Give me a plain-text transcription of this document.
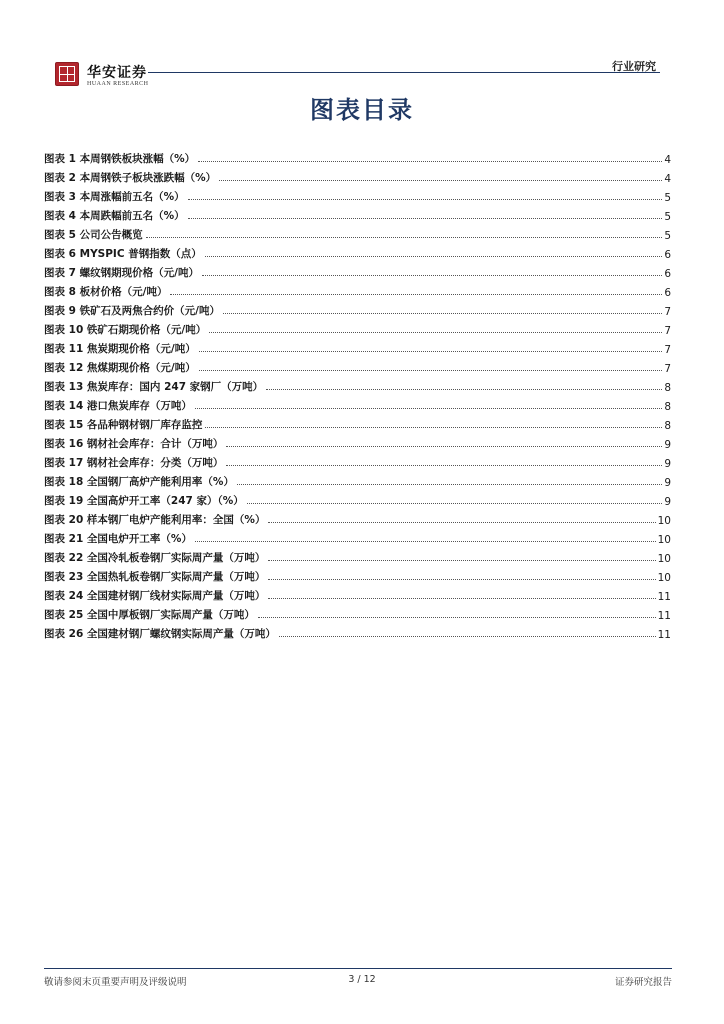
华安证券
HUAAN RESEARCH
行业研究
图表目录
图表 1 本周钢铁板块涨幅（%）	4
图表 2 本周钢铁子板块涨跌幅（%）	4
图表 3 本周涨幅前五名（%）	5
图表 4 本周跌幅前五名（%）	5
图表 5 公司公告概览	5
图表 6 MYSPIC 普钢指数（点）	6
图表 7 螺纹钢期现价格（元/吨）	6
图表 8 板材价格（元/吨）	6
图表 9 铁矿石及两焦合约价（元/吨）	7
图表 10 铁矿石期现价格（元/吨）	7
图表 11 焦炭期现价格（元/吨）	7
图表 12 焦煤期现价格（元/吨）	7
图表 13 焦炭库存：国内 247 家钢厂（万吨）	8
图表 14 港口焦炭库存（万吨）	8
图表 15 各品种钢材钢厂库存监控	8
图表 16 钢材社会库存：合计（万吨）	9
图表 17 钢材社会库存：分类（万吨）	9
图表 18 全国钢厂高炉产能利用率（%）	9
图表 19 全国高炉开工率（247 家）（%）	9
图表 20 样本钢厂电炉产能利用率：全国（%）	10
图表 21 全国电炉开工率（%）	10
图表 22 全国冷轧板卷钢厂实际周产量（万吨）	10
图表 23 全国热轧板卷钢厂实际周产量（万吨）	10
图表 24 全国建材钢厂线材实际周产量（万吨）	11
图表 25 全国中厚板钢厂实际周产量（万吨）	11
图表 26 全国建材钢厂螺纹钢实际周产量（万吨）	11
敬请参阅末页重要声明及评级说明	3 / 12	证券研究报告
